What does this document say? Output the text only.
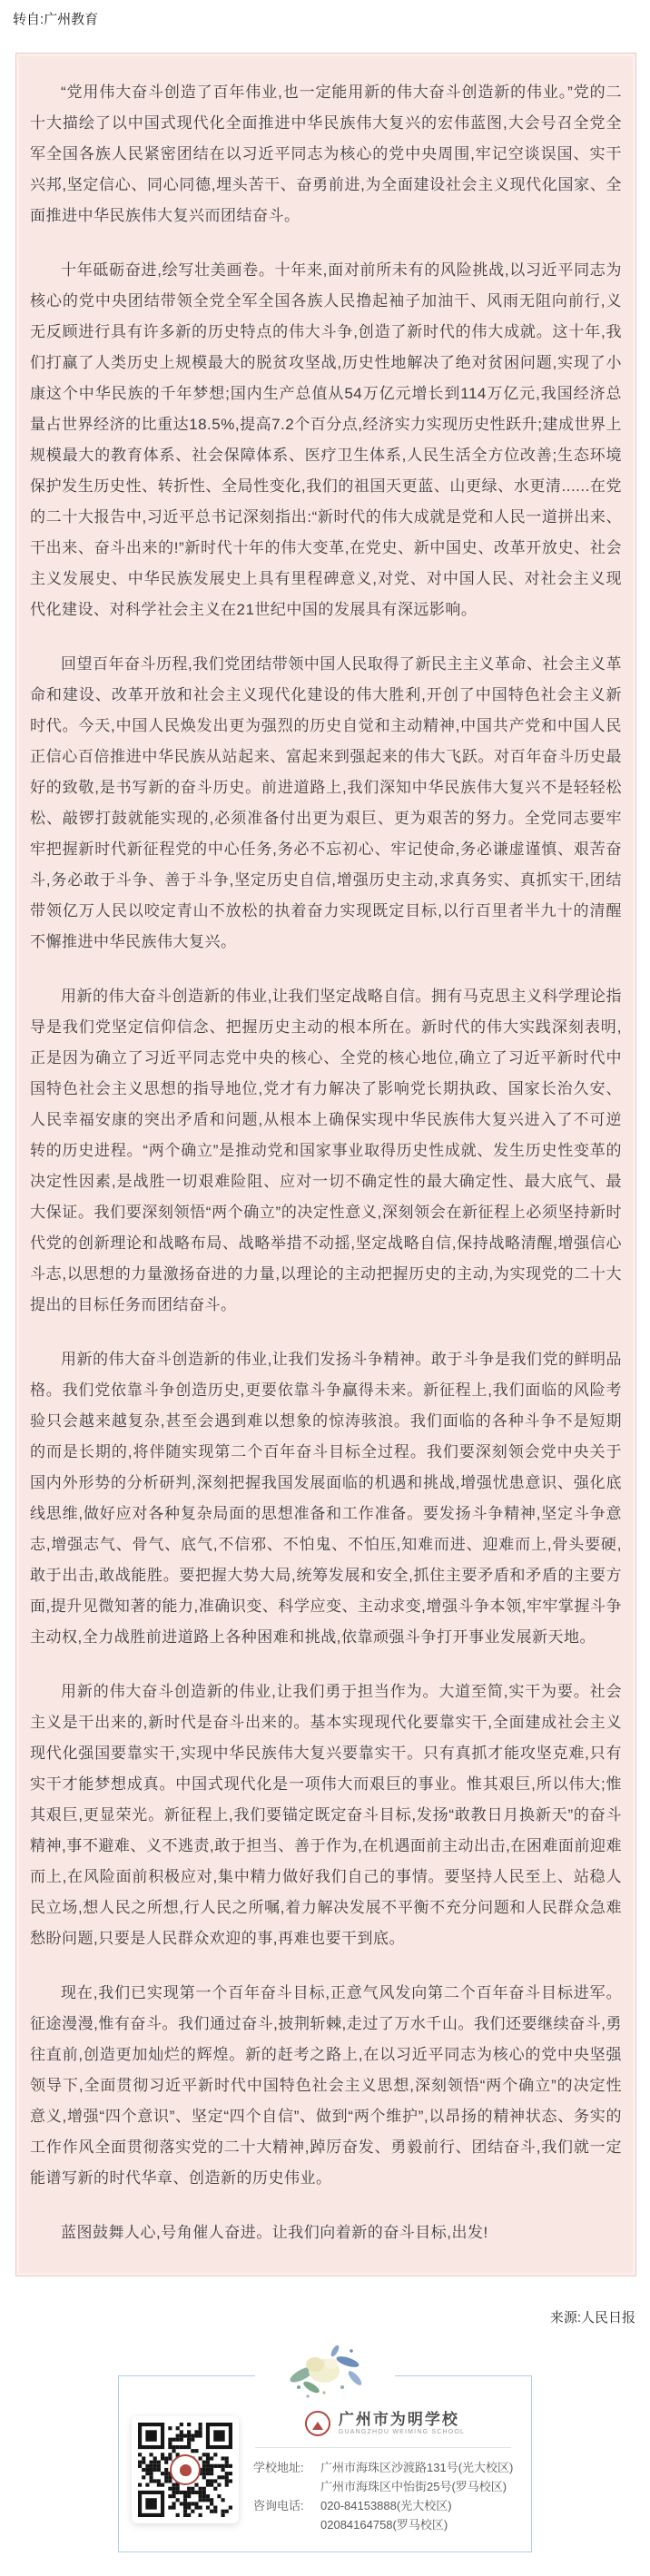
转自:广州教育

“党用伟大奋斗创造了百年伟业,也一定能用新的伟大奋斗创造新的伟业。”党的二十大描绘了以中国式现代化全面推进中华民族伟大复兴的宏伟蓝图,大会号召全党全军全国各族人民紧密团结在以习近平同志为核心的党中央周围,牢记空谈误国、实干兴邦,坚定信心、同心同德,埋头苦干、奋勇前进,为全面建设社会主义现代化国家、全面推进中华民族伟大复兴而团结奋斗。

十年砥砺奋进,绘写壮美画卷。十年来,面对前所未有的风险挑战,以习近平同志为核心的党中央团结带领全党全军全国各族人民撸起袖子加油干、风雨无阻向前行,义无反顾进行具有许多新的历史特点的伟大斗争,创造了新时代的伟大成就。这十年,我们打赢了人类历史上规模最大的脱贫攻坚战,历史性地解决了绝对贫困问题,实现了小康这个中华民族的千年梦想;国内生产总值从54万亿元增长到114万亿元,我国经济总量占世界经济的比重达18.5%,提高7.2个百分点,经济实力实现历史性跃升;建成世界上规模最大的教育体系、社会保障体系、医疗卫生体系,人民生活全方位改善;生态环境保护发生历史性、转折性、全局性变化,我们的祖国天更蓝、山更绿、水更清......在党的二十大报告中,习近平总书记深刻指出:“新时代的伟大成就是党和人民一道拼出来、干出来、奋斗出来的!”新时代十年的伟大变革,在党史、新中国史、改革开放史、社会主义发展史、中华民族发展史上具有里程碑意义,对党、对中国人民、对社会主义现代化建设、对科学社会主义在21世纪中国的发展具有深远影响。

回望百年奋斗历程,我们党团结带领中国人民取得了新民主主义革命、社会主义革命和建设、改革开放和社会主义现代化建设的伟大胜利,开创了中国特色社会主义新时代。今天,中国人民焕发出更为强烈的历史自觉和主动精神,中国共产党和中国人民正信心百倍推进中华民族从站起来、富起来到强起来的伟大飞跃。对百年奋斗历史最好的致敬,是书写新的奋斗历史。前进道路上,我们深知中华民族伟大复兴不是轻轻松松、敲锣打鼓就能实现的,必须准备付出更为艰巨、更为艰苦的努力。全党同志要牢牢把握新时代新征程党的中心任务,务必不忘初心、牢记使命,务必谦虚谨慎、艰苦奋斗,务必敢于斗争、善于斗争,坚定历史自信,增强历史主动,求真务实、真抓实干,团结带领亿万人民以咬定青山不放松的执着奋力实现既定目标,以行百里者半九十的清醒不懈推进中华民族伟大复兴。

用新的伟大奋斗创造新的伟业,让我们坚定战略自信。拥有马克思主义科学理论指导是我们党坚定信仰信念、把握历史主动的根本所在。新时代的伟大实践深刻表明,正是因为确立了习近平同志党中央的核心、全党的核心地位,确立了习近平新时代中国特色社会主义思想的指导地位,党才有力解决了影响党长期执政、国家长治久安、人民幸福安康的突出矛盾和问题,从根本上确保实现中华民族伟大复兴进入了不可逆转的历史进程。“两个确立”是推动党和国家事业取得历史性成就、发生历史性变革的决定性因素,是战胜一切艰难险阻、应对一切不确定性的最大确定性、最大底气、最大保证。我们要深刻领悟“两个确立”的决定性意义,深刻领会在新征程上必须坚持新时代党的创新理论和战略布局、战略举措不动摇,坚定战略自信,保持战略清醒,增强信心斗志,以思想的力量激扬奋进的力量,以理论的主动把握历史的主动,为实现党的二十大提出的目标任务而团结奋斗。

用新的伟大奋斗创造新的伟业,让我们发扬斗争精神。敢于斗争是我们党的鲜明品格。我们党依靠斗争创造历史,更要依靠斗争赢得未来。新征程上,我们面临的风险考验只会越来越复杂,甚至会遇到难以想象的惊涛骇浪。我们面临的各种斗争不是短期的而是长期的,将伴随实现第二个百年奋斗目标全过程。我们要深刻领会党中央关于国内外形势的分析研判,深刻把握我国发展面临的机遇和挑战,增强忧患意识、强化底线思维,做好应对各种复杂局面的思想准备和工作准备。要发扬斗争精神,坚定斗争意志,增强志气、骨气、底气,不信邪、不怕鬼、不怕压,知难而进、迎难而上,骨头要硬,敢于出击,敢战能胜。要把握大势大局,统筹发展和安全,抓住主要矛盾和矛盾的主要方面,提升见微知著的能力,准确识变、科学应变、主动求变,增强斗争本领,牢牢掌握斗争主动权,全力战胜前进道路上各种困难和挑战,依靠顽强斗争打开事业发展新天地。

用新的伟大奋斗创造新的伟业,让我们勇于担当作为。大道至简,实干为要。社会主义是干出来的,新时代是奋斗出来的。基本实现现代化要靠实干,全面建成社会主义现代化强国要靠实干,实现中华民族伟大复兴要靠实干。只有真抓才能攻坚克难,只有实干才能梦想成真。中国式现代化是一项伟大而艰巨的事业。惟其艰巨,所以伟大;惟其艰巨,更显荣光。新征程上,我们要锚定既定奋斗目标,发扬“敢教日月换新天”的奋斗精神,事不避难、义不逃责,敢于担当、善于作为,在机遇面前主动出击,在困难面前迎难而上,在风险面前积极应对,集中精力做好我们自己的事情。要坚持人民至上、站稳人民立场,想人民之所想,行人民之所嘱,着力解决发展不平衡不充分问题和人民群众急难愁盼问题,只要是人民群众欢迎的事,再难也要干到底。

现在,我们已实现第一个百年奋斗目标,正意气风发向第二个百年奋斗目标进军。征途漫漫,惟有奋斗。我们通过奋斗,披荆斩棘,走过了万水千山。我们还要继续奋斗,勇往直前,创造更加灿烂的辉煌。新的赶考之路上,在以习近平同志为核心的党中央坚强领导下,全面贯彻习近平新时代中国特色社会主义思想,深刻领悟“两个确立”的决定性意义,增强“四个意识”、坚定“四个自信”、做到“两个维护”,以昂扬的精神状态、务实的工作作风全面贯彻落实党的二十大精神,踔厉奋发、勇毅前行、团结奋斗,我们就一定能谱写新的时代华章、创造新的历史伟业。

蓝图鼓舞人心,号角催人奋进。让我们向着新的奋斗目标,出发!

来源:人民日报
广州市为明学校
GUANGZHOU WEIMING SCHOOL
学校地址:	广州市海珠区沙渡路131号(光大校区)
广州市海珠区中怡街25号(罗马校区)
咨询电话:	020-84153888(光大校区)
02084164758(罗马校区)
